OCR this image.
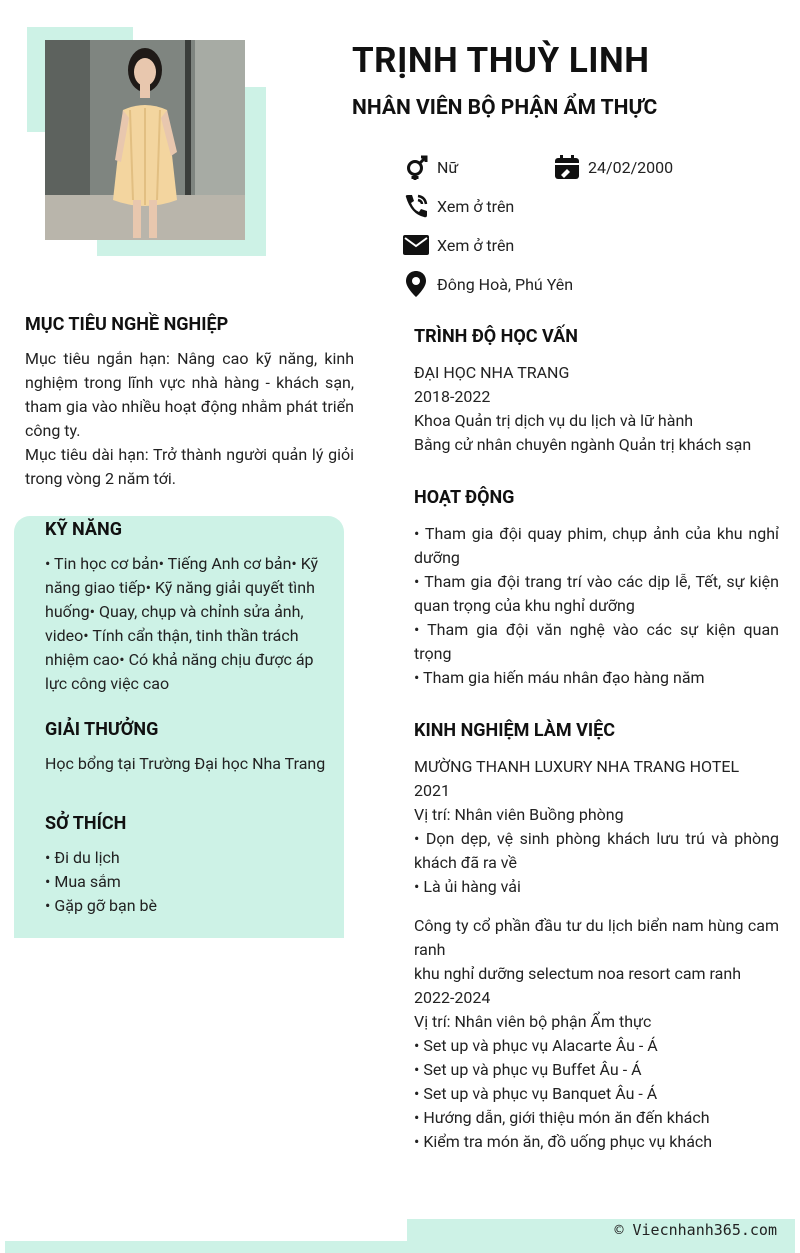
TRỊNH THUỲ LINH
NHÂN VIÊN BỘ PHẬN ẨM THỰC
Nữ	24/02/2000
Xem ở trên
Xem ở trên
Đông Hoà, Phú Yên
MỤC TIÊU NGHỀ NGHIỆP
Mục tiêu ngắn hạn: Nâng cao kỹ năng, kinh nghiệm trong lĩnh vực nhà hàng - khách sạn, tham gia vào nhiều hoạt động nhằm phát triển công ty.
Mục tiêu dài hạn: Trở thành người quản lý giỏi trong vòng 2 năm tới.
KỸ NĂNG
• Tin học cơ bản• Tiếng Anh cơ bản• Kỹ năng giao tiếp• Kỹ năng giải quyết tình huống• Quay, chụp và chỉnh sửa ảnh, video• Tính cẩn thận, tinh thần trách nhiệm cao• Có khả năng chịu được áp lực công việc cao
GIẢI THƯỞNG
Học bổng tại Trường Đại học Nha Trang
SỞ THÍCH
• Đi du lịch
• Mua sắm
• Gặp gỡ bạn bè
TRÌNH ĐỘ HỌC VẤN
ĐẠI HỌC NHA TRANG
2018-2022
Khoa Quản trị dịch vụ du lịch và lữ hành
Bằng cử nhân chuyên ngành Quản trị khách sạn
HOẠT ĐỘNG
• Tham gia đội quay phim, chụp ảnh của khu nghỉ dưỡng
• Tham gia đội trang trí vào các dịp lễ, Tết, sự kiện quan trọng của khu nghỉ dưỡng
• Tham gia đội văn nghệ vào các sự kiện quan trọng
• Tham gia hiến máu nhân đạo hàng năm
KINH NGHIỆM LÀM VIỆC
MƯỜNG THANH LUXURY NHA TRANG HOTEL
2021
Vị trí: Nhân viên Buồng phòng
• Dọn dẹp, vệ sinh phòng khách lưu trú và phòng khách đã ra về
• Là ủi hàng vải
Công ty cổ phần đầu tư du lịch biển nam hùng cam ranh
khu nghỉ dưỡng selectum noa resort cam ranh
2022-2024
Vị trí: Nhân viên bộ phận Ẩm thực
• Set up và phục vụ Alacarte Âu - Á
• Set up và phục vụ Buffet Âu - Á
• Set up và phục vụ Banquet Âu - Á
• Hướng dẫn, giới thiệu món ăn đến khách
• Kiểm tra món ăn, đồ uống phục vụ khách
© Viecnhanh365.com
